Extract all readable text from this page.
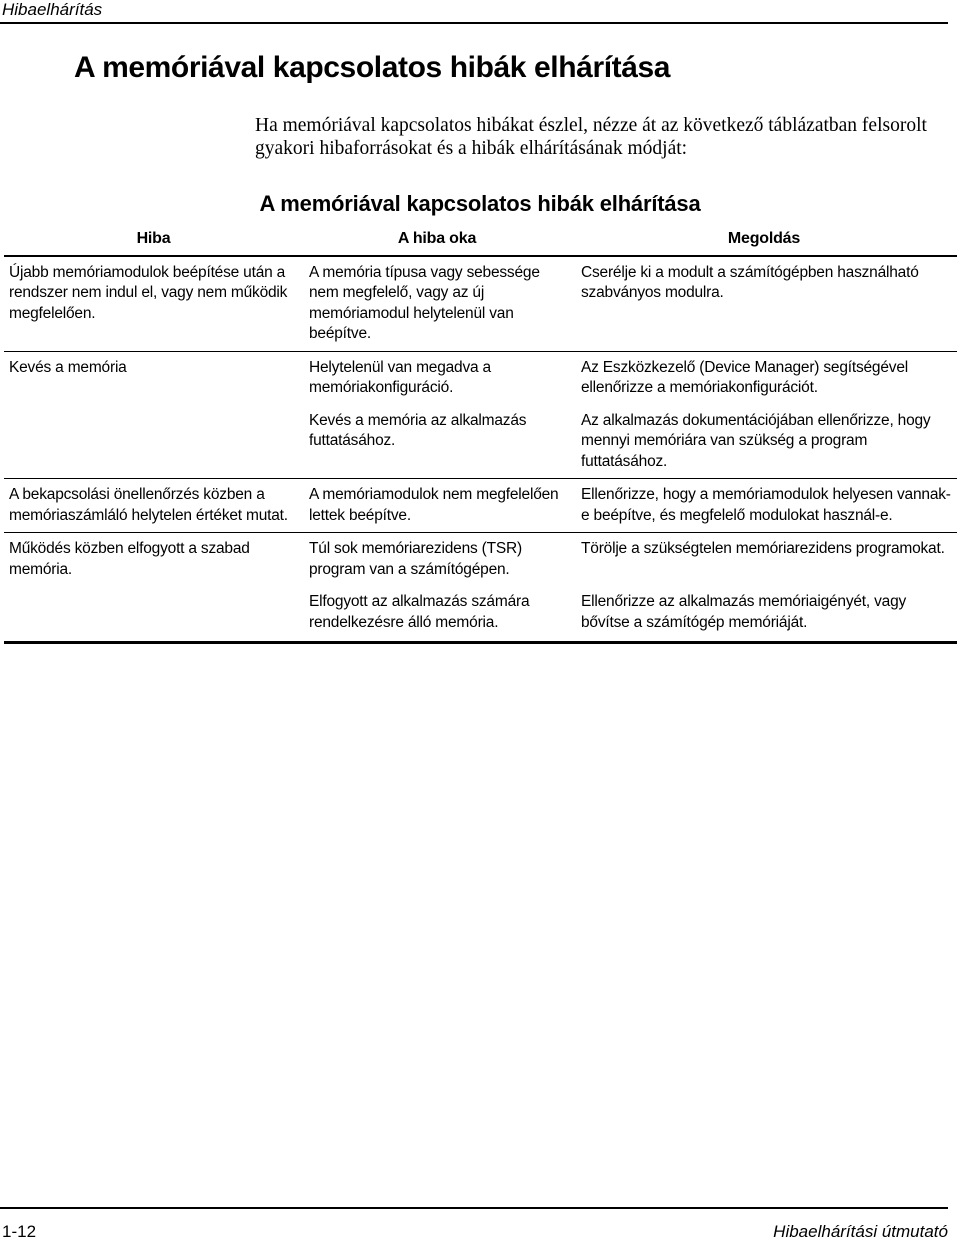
Hibaelhárítás
A memóriával kapcsolatos hibák elhárítása

Ha memóriával kapcsolatos hibákat észlel, nézze át az következő táblázatban felsorolt gyakori hibaforrásokat és a hibák elhárításának módját:

A memóriával kapcsolatos hibák elhárítása
Hiba	A hiba oka	Megoldás
Újabb memóriamodulok beépítése után a rendszer nem indul el, vagy nem működik megfelelően.	A memória típusa vagy sebessége nem megfelelő, vagy az új memóriamodul helytelenül van beépítve.	Cserélje ki a modult a számítógépben használható szabványos modulra.
Kevés a memória	Helytelenül van megadva a memóriakonfiguráció.	Az Eszközkezelő (Device Manager) segítségével ellenőrizze a memóriakonfigurációt.
	Kevés a memória az alkalmazás futtatásához.	Az alkalmazás dokumentációjában ellenőrizze, hogy mennyi memóriára van szükség a program futtatásához.
A bekapcsolási önellenőrzés közben a memóriaszámláló helytelen értéket mutat.	A memóriamodulok nem megfelelően lettek beépítve.	Ellenőrizze, hogy a memóriamodulok helyesen vannak-e beépítve, és megfelelő modulokat használ-e.
Működés közben elfogyott a szabad memória.	Túl sok memóriarezidens (TSR) program van a számítógépen.	Törölje a szükségtelen memóriarezidens programokat.
	Elfogyott az alkalmazás számára rendelkezésre álló memória.	Ellenőrizze az alkalmazás memóriaigényét, vagy bővítse a számítógép memóriáját.
1-12	Hibaelhárítási útmutató
